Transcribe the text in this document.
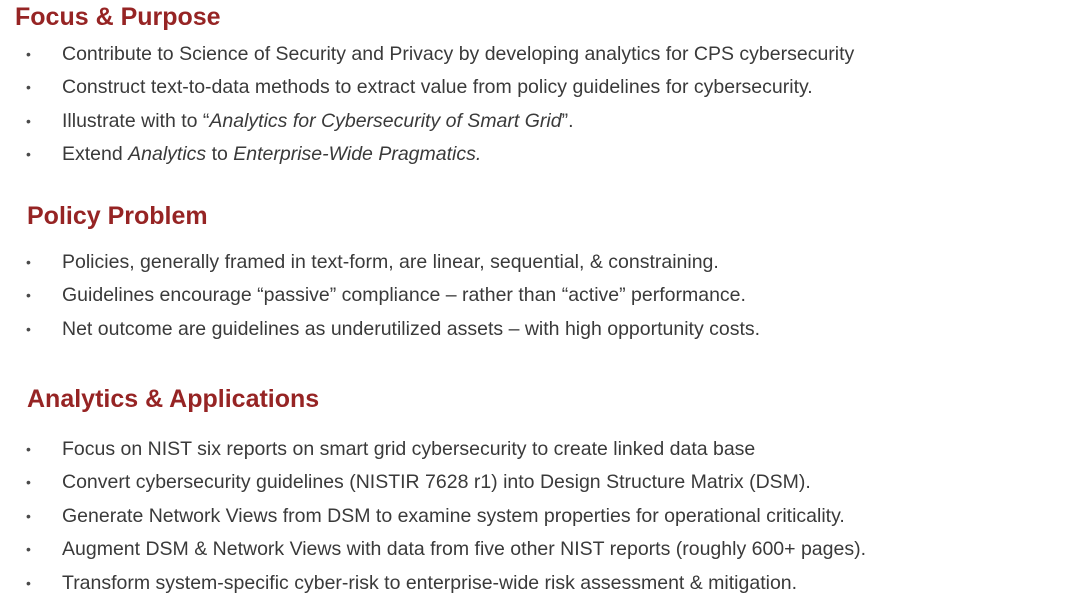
Focus & Purpose
• Contribute to Science of Security and Privacy by developing analytics for CPS cybersecurity
• Construct text-to-data methods to extract value from policy guidelines for cybersecurity.
• Illustrate with to “Analytics for Cybersecurity of Smart Grid”.
• Extend Analytics to Enterprise-Wide Pragmatics.
Policy Problem
• Policies, generally framed in text-form, are linear, sequential, & constraining.
• Guidelines encourage “passive” compliance – rather than “active” performance.
• Net outcome are guidelines as underutilized assets – with high opportunity costs.
Analytics & Applications
• Focus on NIST six reports on smart grid cybersecurity to create linked data base
• Convert cybersecurity guidelines (NISTIR 7628 r1) into Design Structure Matrix (DSM).
• Generate Network Views from DSM to examine system properties for operational criticality.
• Augment DSM & Network Views with data from five other NIST reports (roughly 600+ pages).
• Transform system-specific cyber-risk to enterprise-wide risk assessment & mitigation.
